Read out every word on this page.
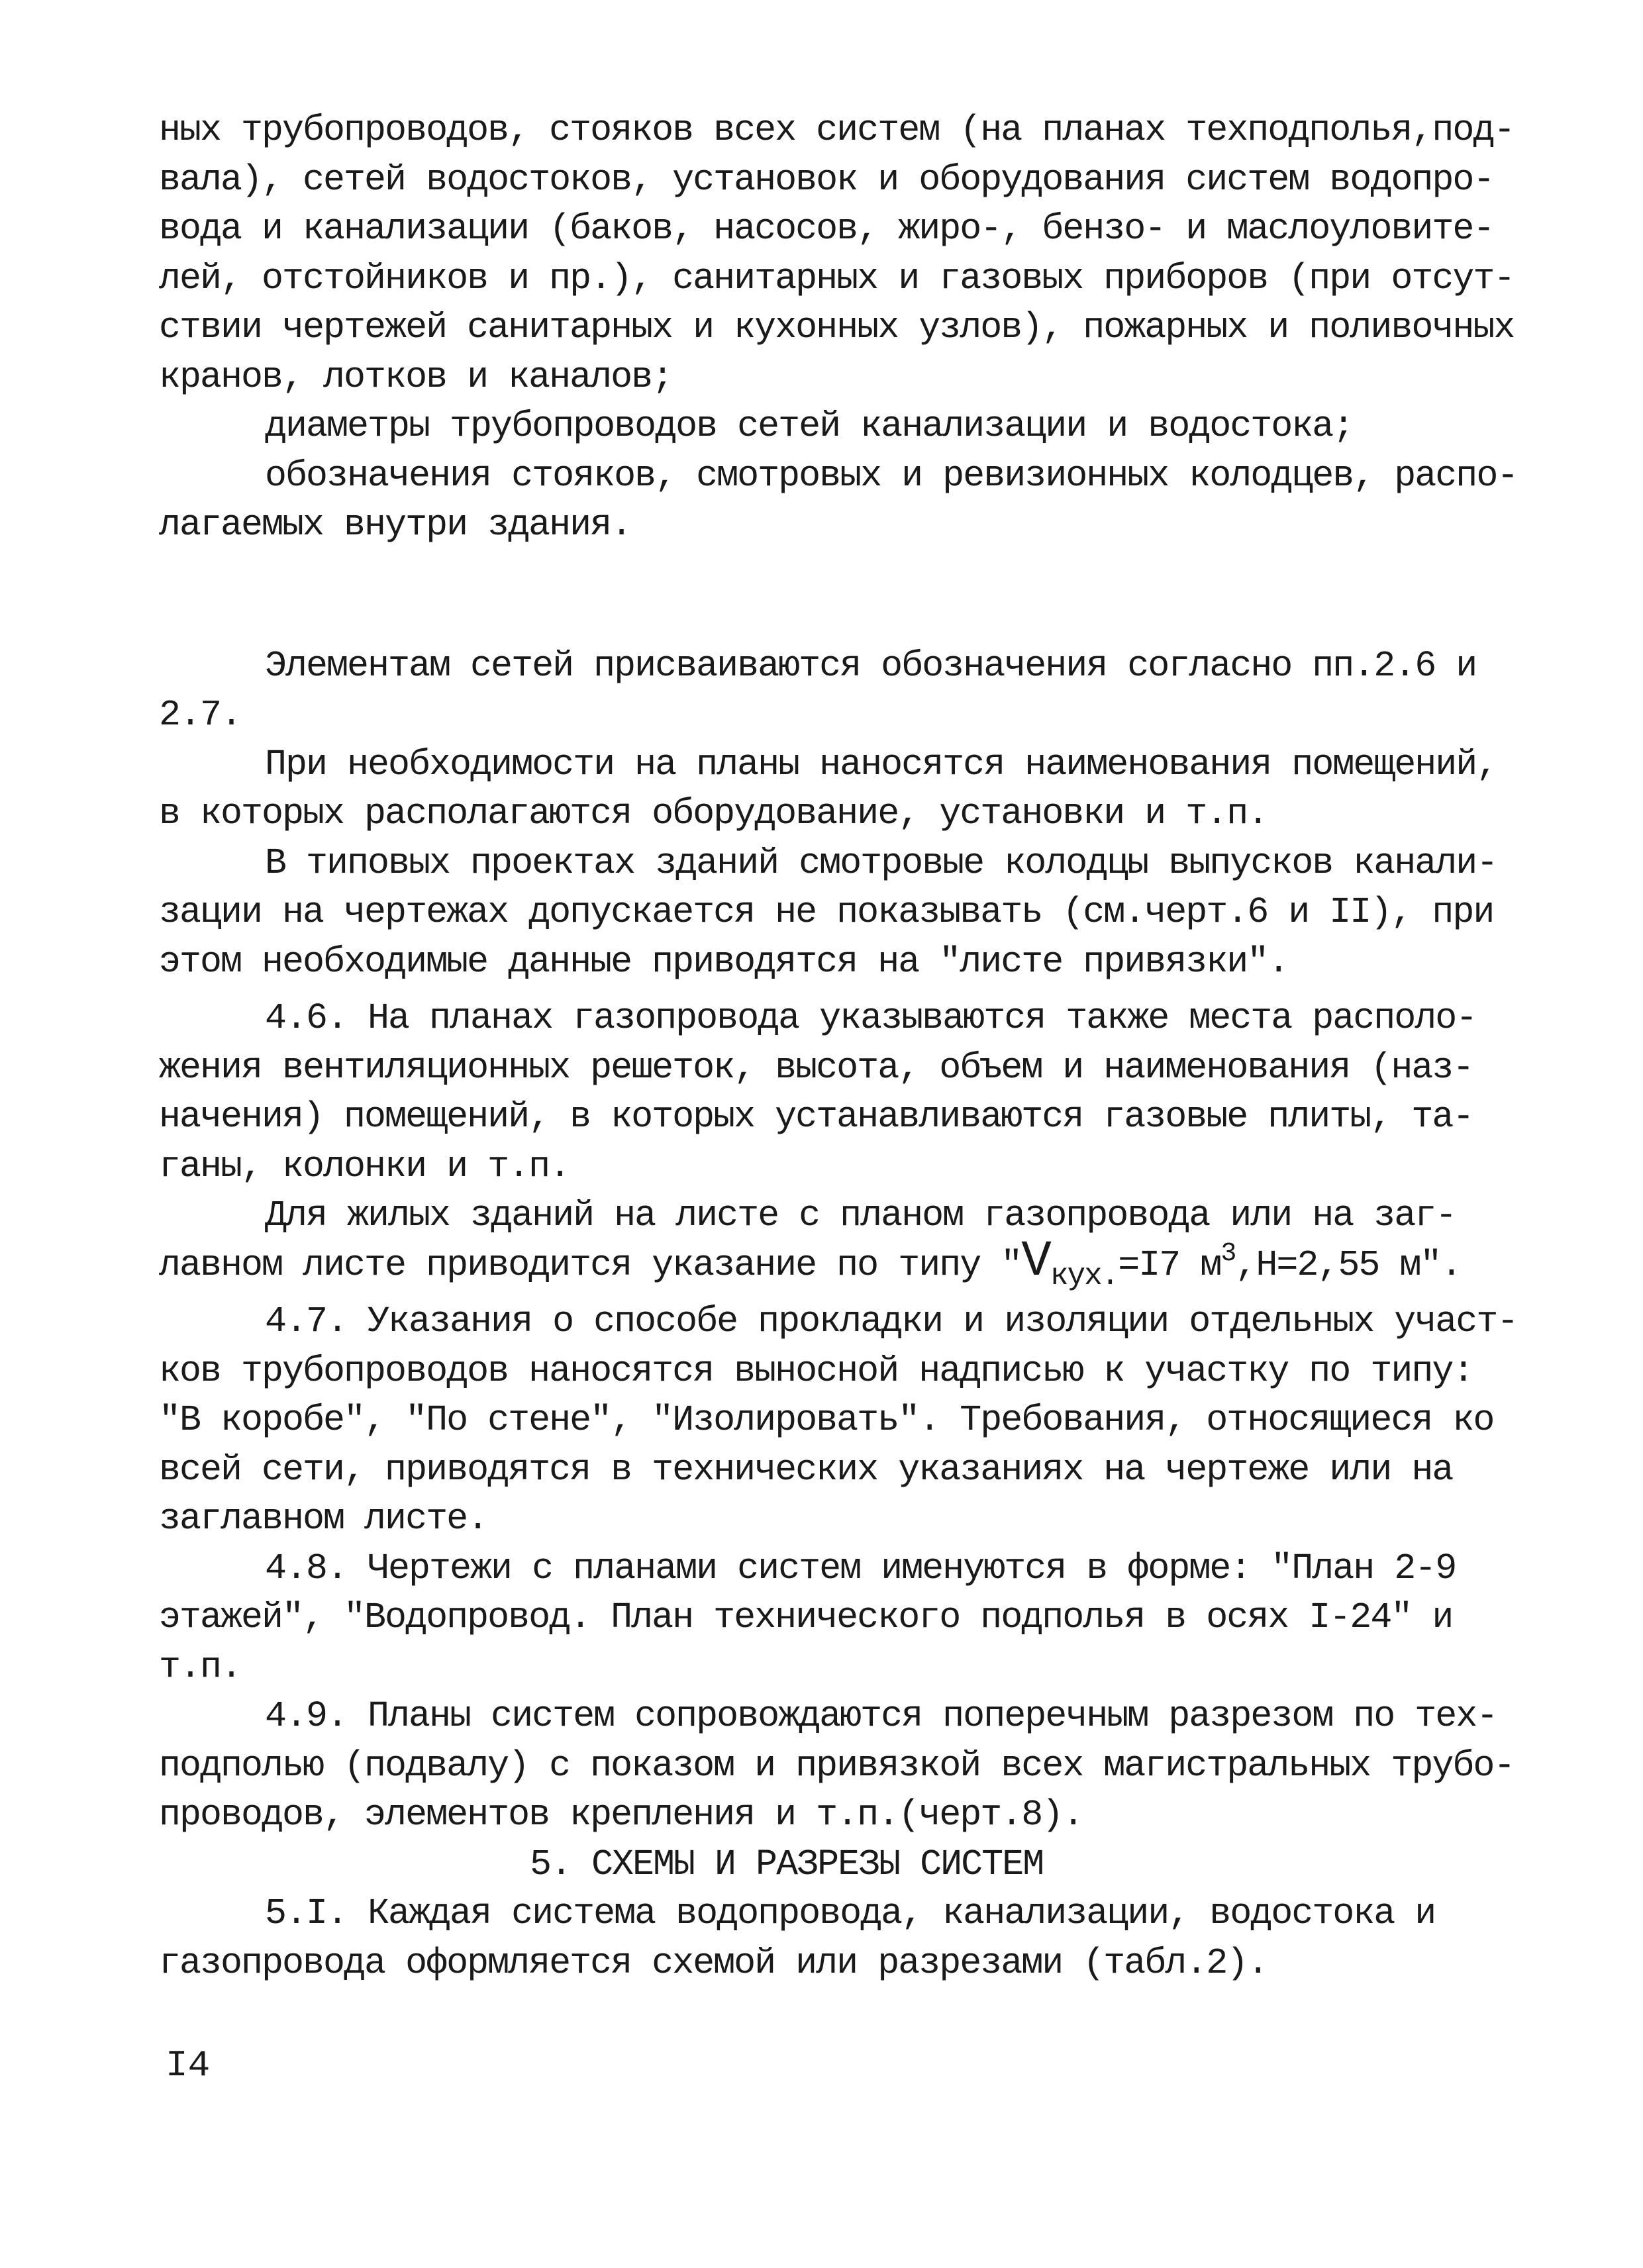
ных трубопроводов, стояков всех систем (на планах техподполья,под-
вала), сетей водостоков, установок и оборудования систем водопро-
вода и канализации (баков, насосов, жиро-, бензо- и маслоуловите-
лей, отстойников и пр.), санитарных и газовых приборов (при отсут-
ствии чертежей санитарных и кухонных узлов), пожарных и поливочных
кранов, лотков и каналов;
диаметры трубопроводов сетей канализации и водостока;
обозначения стояков, смотровых и ревизионных колодцев, распо-
лагаемых внутри здания.
Элементам сетей присваиваются обозначения согласно пп.2.6 и
2.7.
При необходимости на планы наносятся наименования помещений,
в которых располагаются оборудование, установки и т.п.
В типовых проектах зданий смотровые колодцы выпусков канали-
зации на чертежах допускается не показывать (см.черт.6 и II), при
этом необходимые данные приводятся на "листе привязки".
4.6. На планах газопровода указываются также места располо-
жения вентиляционных решеток, высота, объем и наименования (наз-
начения) помещений, в которых устанавливаются газовые плиты, та-
ганы, колонки и т.п.
Для жилых зданий на листе с планом газопровода или на заг-
лавном листе приводится указание по типу "$V_{кух.}=I7$ $м^3,Н=2,55$ м".
4.7. Указания о способе прокладки и изоляции отдельных участ-
ков трубопроводов наносятся выносной надписью к участку по типу:
"В коробе", "По стене", "Изолировать". Требования, относящиеся ко
всей сети, приводятся в технических указаниях на чертеже или на
заглавном листе.
4.8. Чертежи с планами систем именуются в форме: "План 2-9
этажей", "Водопровод. План технического подполья в осях I-24" и
т.п.
4.9. Планы систем сопровождаются поперечным разрезом по тех-
подполью (подвалу) с показом и привязкой всех магистральных трубо-
проводов, элементов крепления и т.п.(черт.8).
5. СХЕМЫ И РАЗРЕЗЫ СИСТЕМ
5.I. Каждая система водопровода, канализации, водостока и
газопровода оформляется схемой или разрезами (табл.2).
I4
